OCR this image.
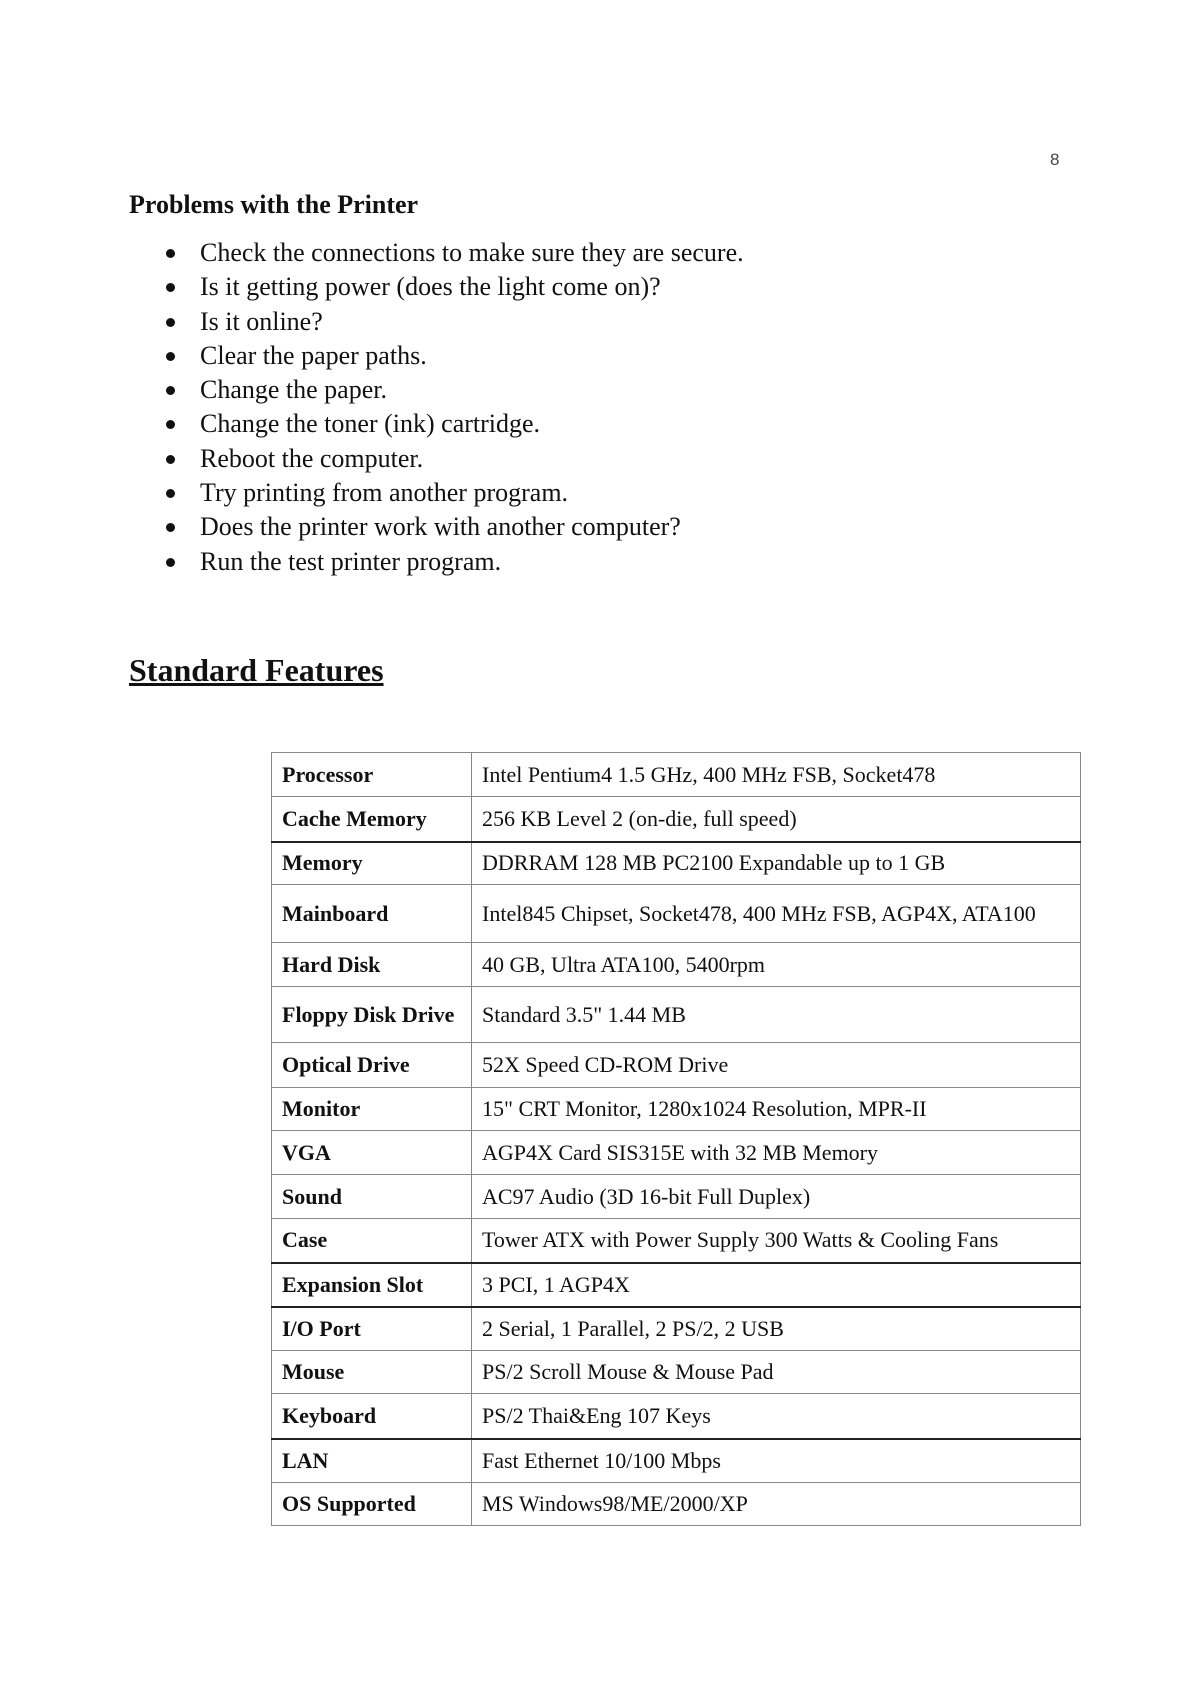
8
Problems with the Printer
Check the connections to make sure they are secure.
Is it getting power (does the light come on)?
Is it online?
Clear the paper paths.
Change the paper.
Change the toner (ink) cartridge.
Reboot the computer.
Try printing from another program.
Does the printer work with another computer?
Run the test printer program.
Standard Features
Processor	Intel Pentium4 1.5 GHz, 400 MHz FSB, Socket478
Cache Memory	256 KB Level 2 (on-die, full speed)
Memory	DDRRAM 128 MB PC2100 Expandable up to 1 GB
Mainboard	Intel845 Chipset, Socket478, 400 MHz FSB, AGP4X, ATA100
Hard Disk	40 GB, Ultra ATA100, 5400rpm
Floppy Disk Drive	Standard 3.5" 1.44 MB
Optical Drive	52X Speed CD-ROM Drive
Monitor	15" CRT Monitor, 1280x1024 Resolution, MPR-II
VGA	AGP4X Card SIS315E with 32 MB Memory
Sound	AC97 Audio (3D 16-bit Full Duplex)
Case	Tower ATX with Power Supply 300 Watts & Cooling Fans
Expansion Slot	3 PCI, 1 AGP4X
I/O Port	2 Serial, 1 Parallel, 2 PS/2, 2 USB
Mouse	PS/2 Scroll Mouse & Mouse Pad
Keyboard	PS/2 Thai&Eng 107 Keys
LAN	Fast Ethernet 10/100 Mbps
OS Supported	MS Windows98/ME/2000/XP
